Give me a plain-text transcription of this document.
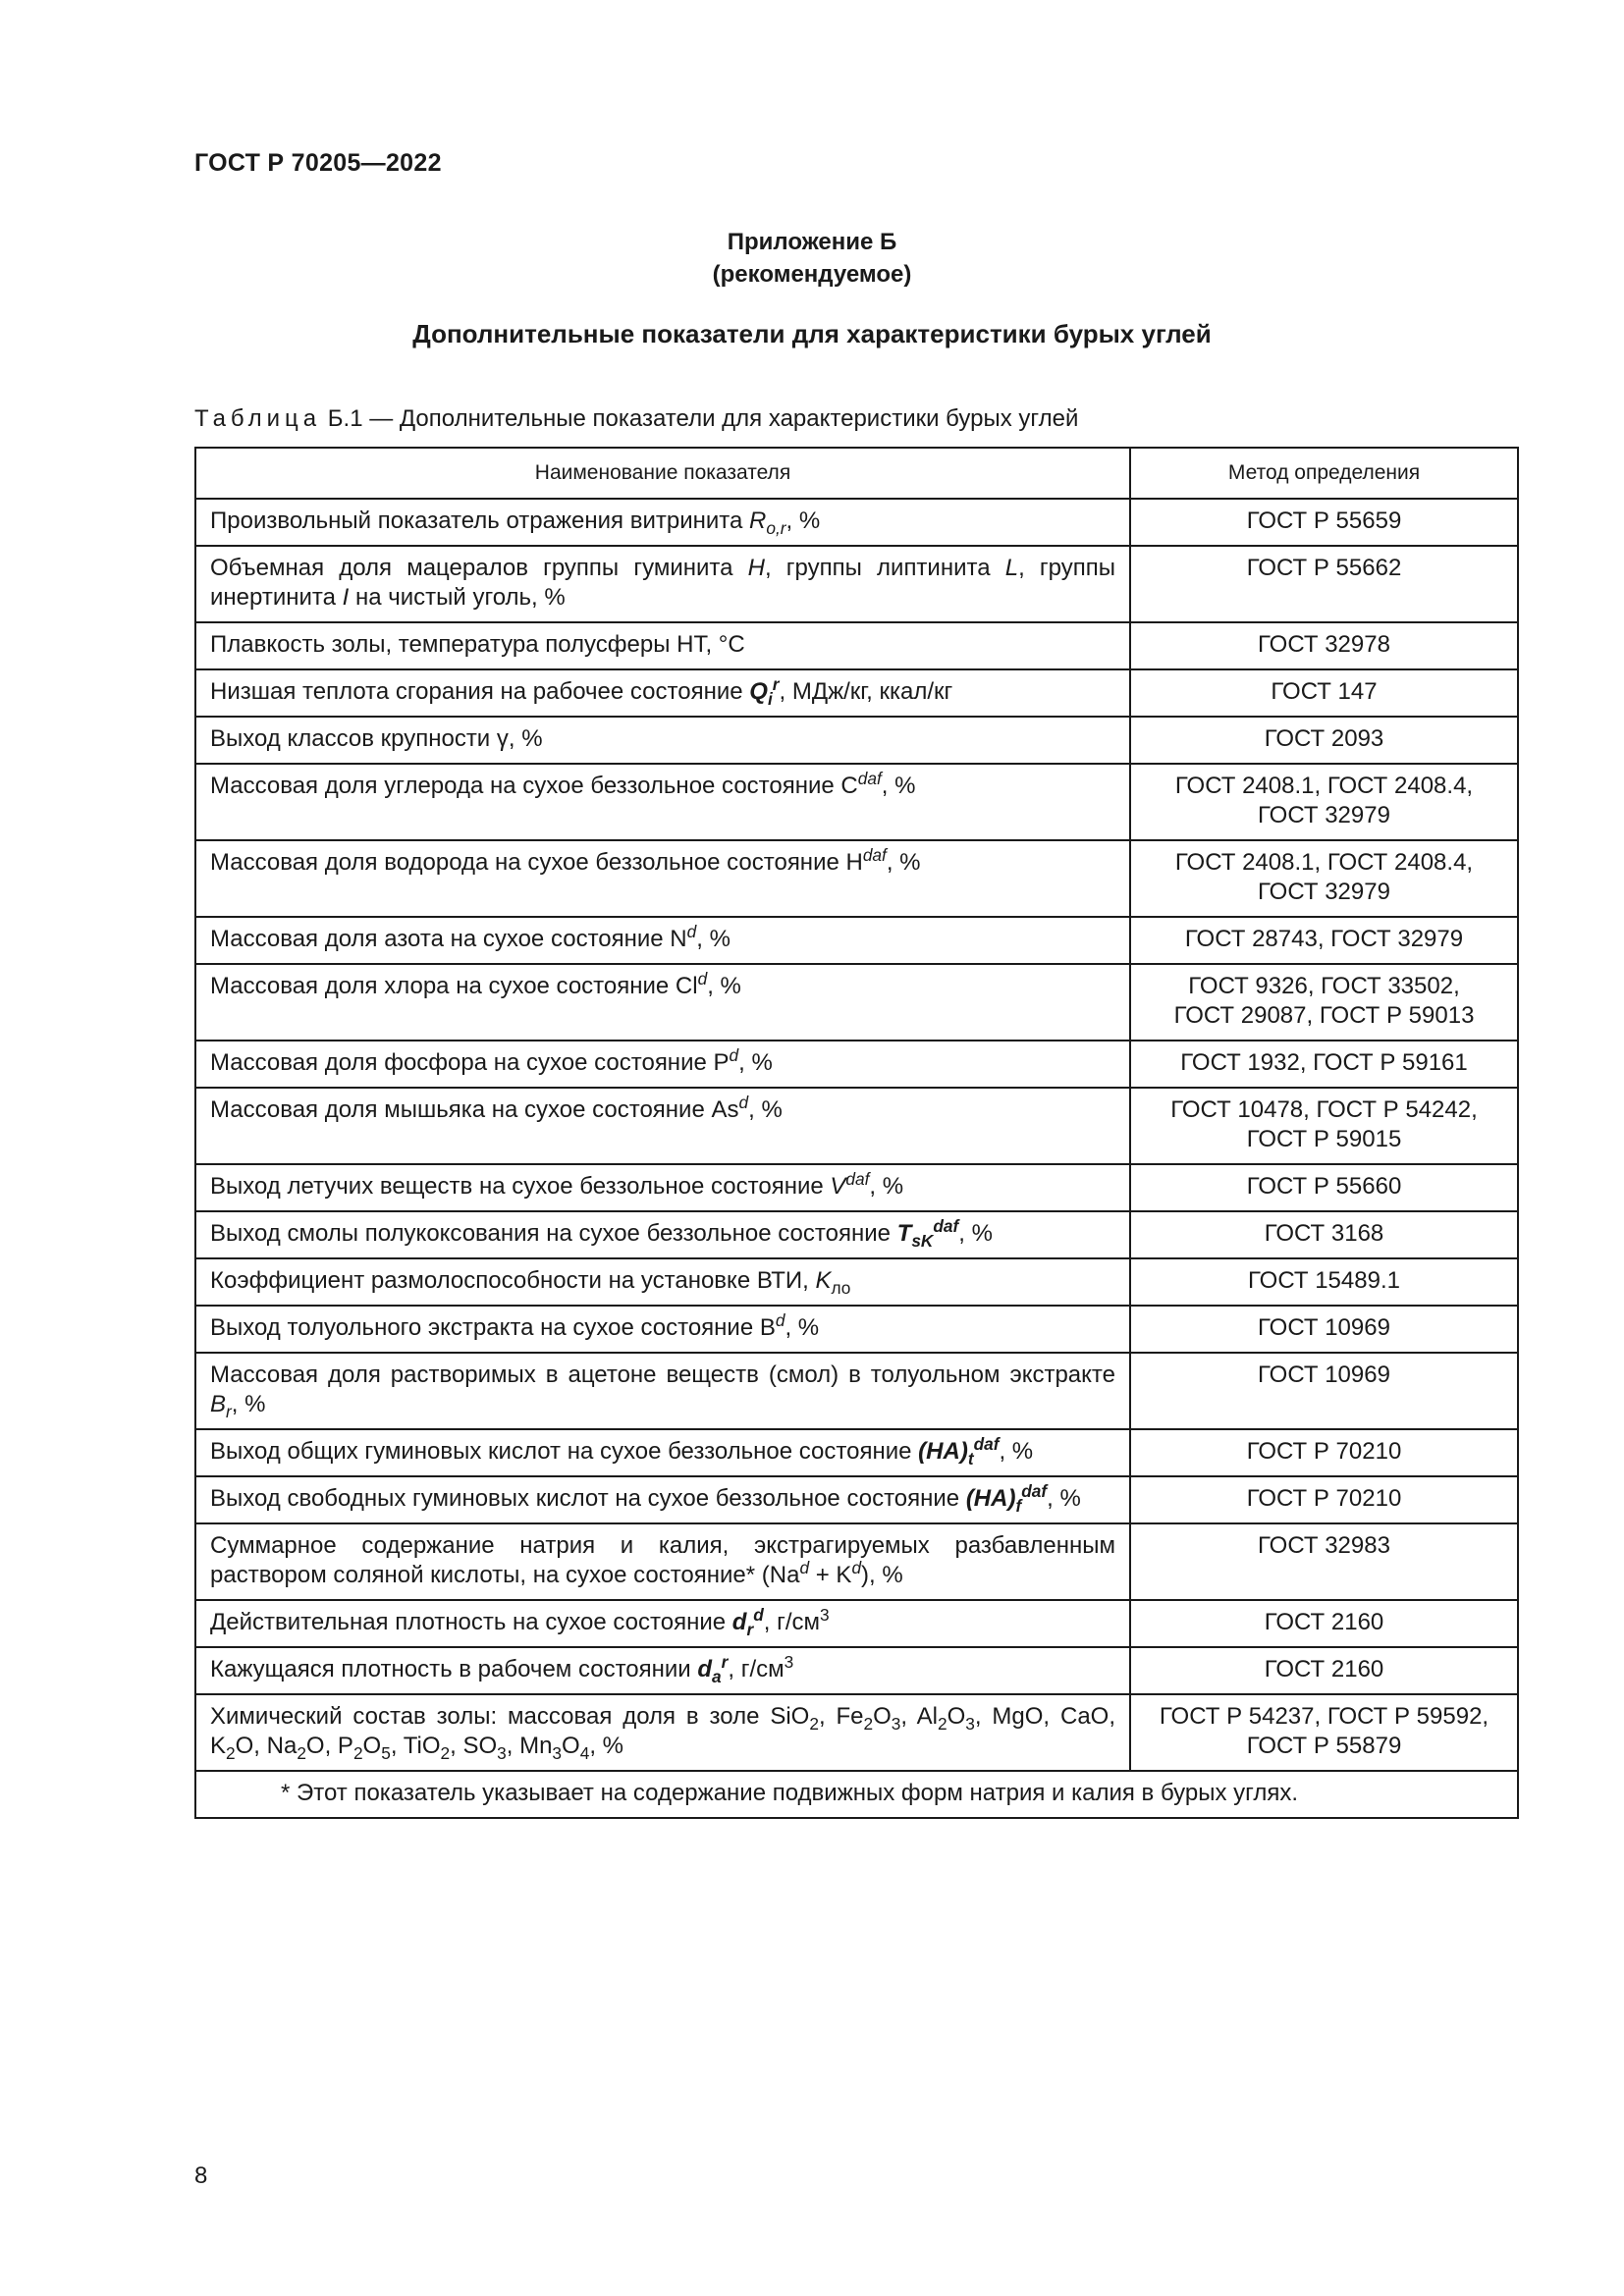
ГОСТ Р 70205—2022
Приложение Б
(рекомендуемое)
Дополнительные показатели для характеристики бурых углей
Таблица Б.1 — Дополнительные показатели для характеристики бурых углей
Наименование показателя	Метод определения
Произвольный показатель отражения витринита $R_{o,r}$, %	ГОСТ Р 55659

Объемная доля мацералов группы гуминита H, группы липтинита L, группы инертинита I на чистый уголь, %	ГОСТ Р 55662

Плавкость золы, температура полусферы НТ, °С	ГОСТ 32978

Низшая теплота сгорания на рабочее состояние $Q_i^r$, МДж/кг, ккал/кг	ГОСТ 147

Выход классов крупности γ, %	ГОСТ 2093

Массовая доля углерода на сухое беззольное состояние $С^{daf}$, %	ГОСТ 2408.1, ГОСТ 2408.4,
ГОСТ 32979

Массовая доля водорода на сухое беззольное состояние $Н^{daf}$, %	ГОСТ 2408.1, ГОСТ 2408.4,
ГОСТ 32979

Массовая доля азота на сухое состояние $N^d$, %	ГОСТ 28743, ГОСТ 32979

Массовая доля хлора на сухое состояние Cl$^d$, %	ГОСТ 9326, ГОСТ 33502,
ГОСТ 29087, ГОСТ Р 59013

Массовая доля фосфора на сухое состояние $Р^d$, %	ГОСТ 1932, ГОСТ Р 59161

Массовая доля мышьяка на сухое состояние As$^d$, %	ГОСТ 10478, ГОСТ Р 54242,
ГОСТ Р 59015

Выход летучих веществ на сухое беззольное состояние $V^{daf}$, %	ГОСТ Р 55660

Выход смолы полукоксования на сухое беззольное состояние $T_{sK}^{daf}$, %	ГОСТ 3168

Коэффициент размолоспособности на установке ВТИ, $K_{ло}$	ГОСТ 15489.1

Выход толуольного экстракта на сухое состояние $В^d$, %	ГОСТ 10969

Массовая доля растворимых в ацетоне веществ (смол) в толуольном экстракте $B_r$, %	ГОСТ 10969

Выход общих гуминовых кислот на сухое беззольное состояние $(HA)_t^{daf}$, %	ГОСТ Р 70210

Выход свободных гуминовых кислот на сухое беззольное состояние $(HA)_f^{daf}$, %	ГОСТ Р 70210

Суммарное содержание натрия и калия, экстрагируемых разбавленным раствором соляной кислоты, на сухое состояние* $(Na^d + K^d)$, %	ГОСТ 32983

Действительная плотность на сухое состояние $d_r^d$, $г/см^3$	ГОСТ 2160

Кажущаяся плотность в рабочем состоянии $d_a^r$, $г/см^3$	ГОСТ 2160

Химический состав золы: массовая доля в золе SiO$_2$, $Fe_2O_3$, $Al_2O_3$, MgO, CaO, $K_2O$, $Na_2O$, $P_2O_5$, TiO$_2$, $SO_3$, $Mn_3O_4$, %	ГОСТ Р 54237, ГОСТ Р 59592,
ГОСТ Р 55879

* Этот показатель указывает на содержание подвижных форм натрия и калия в бурых углях.	
8
